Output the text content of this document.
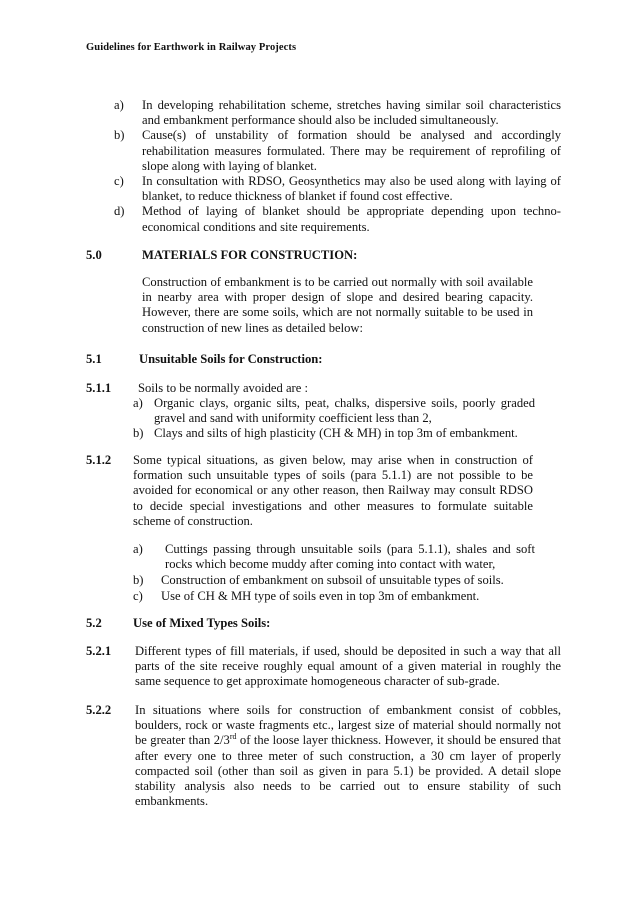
Guidelines for Earthwork in Railway Projects
a) In developing rehabilitation scheme, stretches having similar soil characteristics and embankment performance should also be included simultaneously.
b) Cause(s) of unstability of formation should be analysed and accordingly rehabilitation measures formulated. There may be requirement of reprofiling of slope along with laying of blanket.
c) In consultation with RDSO, Geosynthetics may also be used along with laying of blanket, to reduce thickness of blanket if found cost effective.
d) Method of laying of blanket should be appropriate depending upon techno-economical conditions and site requirements.
5.0	MATERIALS FOR CONSTRUCTION:
Construction of embankment is to be carried out normally with soil available in nearby area with proper design of slope and desired bearing capacity. However, there are some soils, which are not normally suitable to be used in construction of new lines as detailed below:
5.1	Unsuitable Soils for Construction:
5.1.1 Soils to be normally avoided are :
a) Organic clays, organic silts, peat, chalks, dispersive soils, poorly graded gravel and sand with uniformity coefficient less than 2,
b) Clays and silts of high plasticity (CH & MH) in top 3m of embankment.
5.1.2 Some typical situations, as given below, may arise when in construction of formation such unsuitable types of soils (para 5.1.1) are not possible to be avoided for economical or any other reason, then Railway may consult RDSO to decide special investigations and other measures to formulate suitable scheme of construction.
a) Cuttings passing through unsuitable soils (para 5.1.1), shales and soft rocks which become muddy after coming into contact with water,
b) Construction of embankment on subsoil of unsuitable types of soils.
c) Use of CH & MH type of soils even in top 3m of embankment.
5.2 Use of Mixed Types Soils:
5.2.1 Different types of fill materials, if used, should be deposited in such a way that all parts of the site receive roughly equal amount of a given material in roughly the same sequence to get approximate homogeneous character of sub-grade.
5.2.2 In situations where soils for construction of embankment consist of cobbles, boulders, rock or waste fragments etc., largest size of material should normally not be greater than 2/3rd of the loose layer thickness. However, it should be ensured that after every one to three meter of such construction, a 30 cm layer of properly compacted soil (other than soil as given in para 5.1) be provided. A detail slope stability analysis also needs to be carried out to ensure stability of such embankments.
